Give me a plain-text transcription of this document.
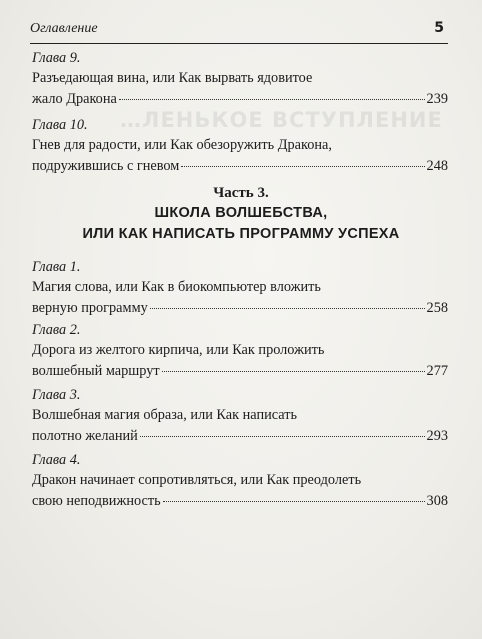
…ЛЕНЬКОЕ ВСТУПЛЕНИЕ
Оглавление	5
Глава 9.
Разъедающая вина, или Как вырвать ядовитое
жало Дракона	239
Глава 10.
Гнев для радости, или Как обезоружить Дракона,
подружившись с гневом	248
Часть 3.
ШКОЛА ВОЛШЕБСТВА,
ИЛИ КАК НАПИСАТЬ ПРОГРАММУ УСПЕХА
Глава 1.
Магия слова, или Как в биокомпьютер вложить
верную программу	258
Глава 2.
Дорога из желтого кирпича, или Как проложить
волшебный маршрут	277
Глава 3.
Волшебная магия образа, или Как написать
полотно желаний	293
Глава 4.
Дракон начинает сопротивляться, или Как преодолеть
свою неподвижность	308
